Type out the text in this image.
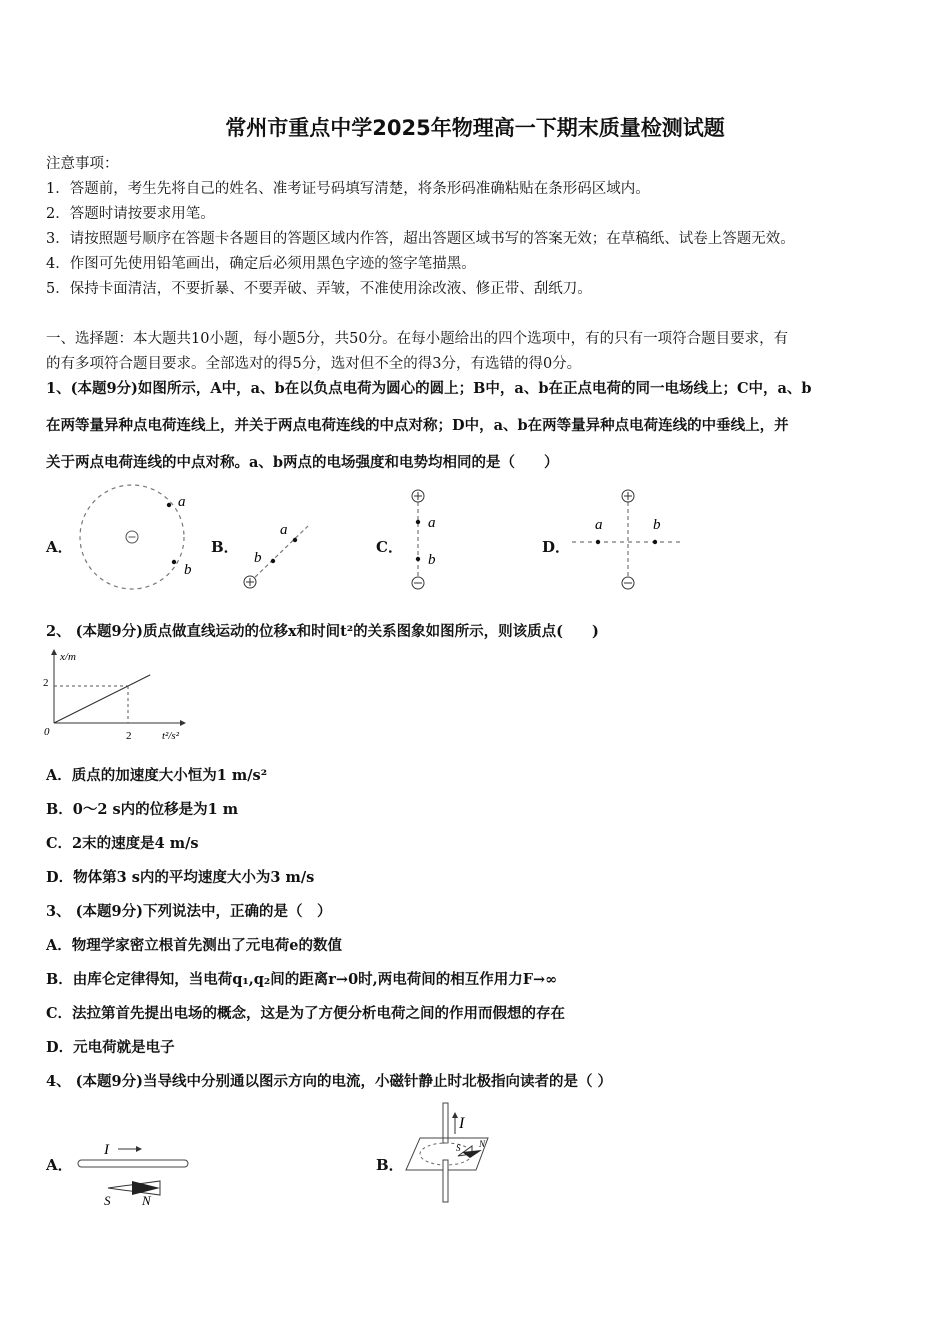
常州市重点中学2025年物理高一下期末质量检测试题
注意事项：
1．答题前，考生先将自己的姓名、准考证号码填写清楚，将条形码准确粘贴在条形码区域内。
2．答题时请按要求用笔。
3．请按照题号顺序在答题卡各题目的答题区域内作答，超出答题区域书写的答案无效；在草稿纸、试卷上答题无效。
4．作图可先使用铅笔画出，确定后必须用黑色字迹的签字笔描黑。
5．保持卡面清洁，不要折暴、不要弄破、弄皱，不准使用涂改液、修正带、刮纸刀。
一、选择题：本大题共10小题，每小题5分，共50分。在每小题给出的四个选项中，有的只有一项符合题目要求，有
的有多项符合题目要求。全部选对的得5分，选对但不全的得3分，有选错的得0分。
1、(本题9分)如图所示，A中，a、b在以负点电荷为圆心的圆上；B中，a、b在正点电荷的同一电场线上；C中，a、b
在两等量异种点电荷连线上，并关于两点电荷连线的中点对称；D中，a、b在两等量异种点电荷连线的中垂线上，并
关于两点电荷连线的中点对称。a、b两点的电场强度和电势均相同的是（　　）
A．	B．	C．	D．
a
b
a
b
a
b
a	b
2、 (本题9分)质点做直线运动的位移x和时间t²的关系图象如图所示，则该质点(　　)
x/m
t²/s²
0
2
2
A．质点的加速度大小恒为1 m/s²
B．0～2 s内的位移是为1 m
C．2末的速度是4 m/s
D．物体第3 s内的平均速度大小为3 m/s
3、 (本题9分)下列说法中，正确的是（　）
A．物理学家密立根首先测出了元电荷e的数值
B．由库仑定律得知，当电荷q₁,q₂间的距离r→0时,两电荷间的相互作用力F→∞
C．法拉第首先提出电场的概念，这是为了方便分析电荷之间的作用而假想的存在
D．元电荷就是电子
4、 (本题9分)当导线中分别通以图示方向的电流，小磁针静止时北极指向读者的是（ ）
A．	B．
I
S N
I
S N
